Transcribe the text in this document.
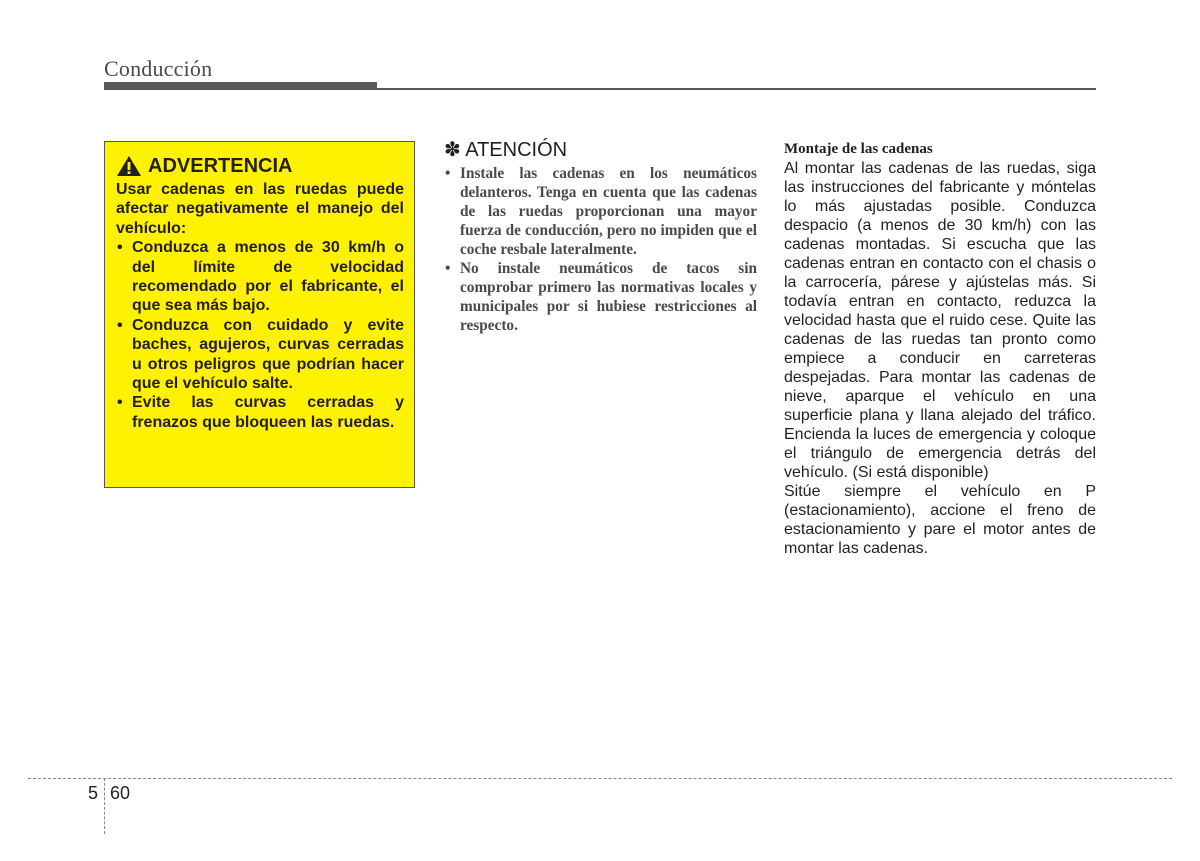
Conducción
ADVERTENCIA

Usar cadenas en las ruedas puede afectar negativamente el manejo del vehículo:

• Conduzca a menos de 30 km/h o del límite de velocidad recomendado por el fabricante, el que sea más bajo.
• Conduzca con cuidado y evite baches, agujeros, curvas cerradas u otros peligros que podrían hacer que el vehículo salte.
• Evite las curvas cerradas y frenazos que bloqueen las ruedas.
✽ ATENCIÓN
• Instale las cadenas en los neumáticos delanteros. Tenga en cuenta que las cadenas de las ruedas proporcionan una mayor fuerza de conducción, pero no impiden que el coche resbale lateralmente.
• No instale neumáticos de tacos sin comprobar primero las normativas locales y municipales por si hubiese restricciones al respecto.

Montaje de las cadenas

Al montar las cadenas de las ruedas, siga las instrucciones del fabricante y móntelas lo más ajustadas posible. Conduzca despacio (a menos de 30 km/h) con las cadenas montadas. Si escucha que las cadenas entran en contacto con el chasis o la carrocería, párese y ajústelas más. Si todavía entran en contacto, reduzca la velocidad hasta que el ruido cese. Quite las cadenas de las ruedas tan pronto como empiece a conducir en carreteras despejadas. Para montar las cadenas de nieve, aparque el vehículo en una superficie plana y llana alejado del tráfico. Encienda la luces de emergencia y coloque el triángulo de emergencia detrás del vehículo. (Si está disponible)

Sitúe siempre el vehículo en P (estacionamiento), accione el freno de estacionamiento y pare el motor antes de montar las cadenas.

5 60
